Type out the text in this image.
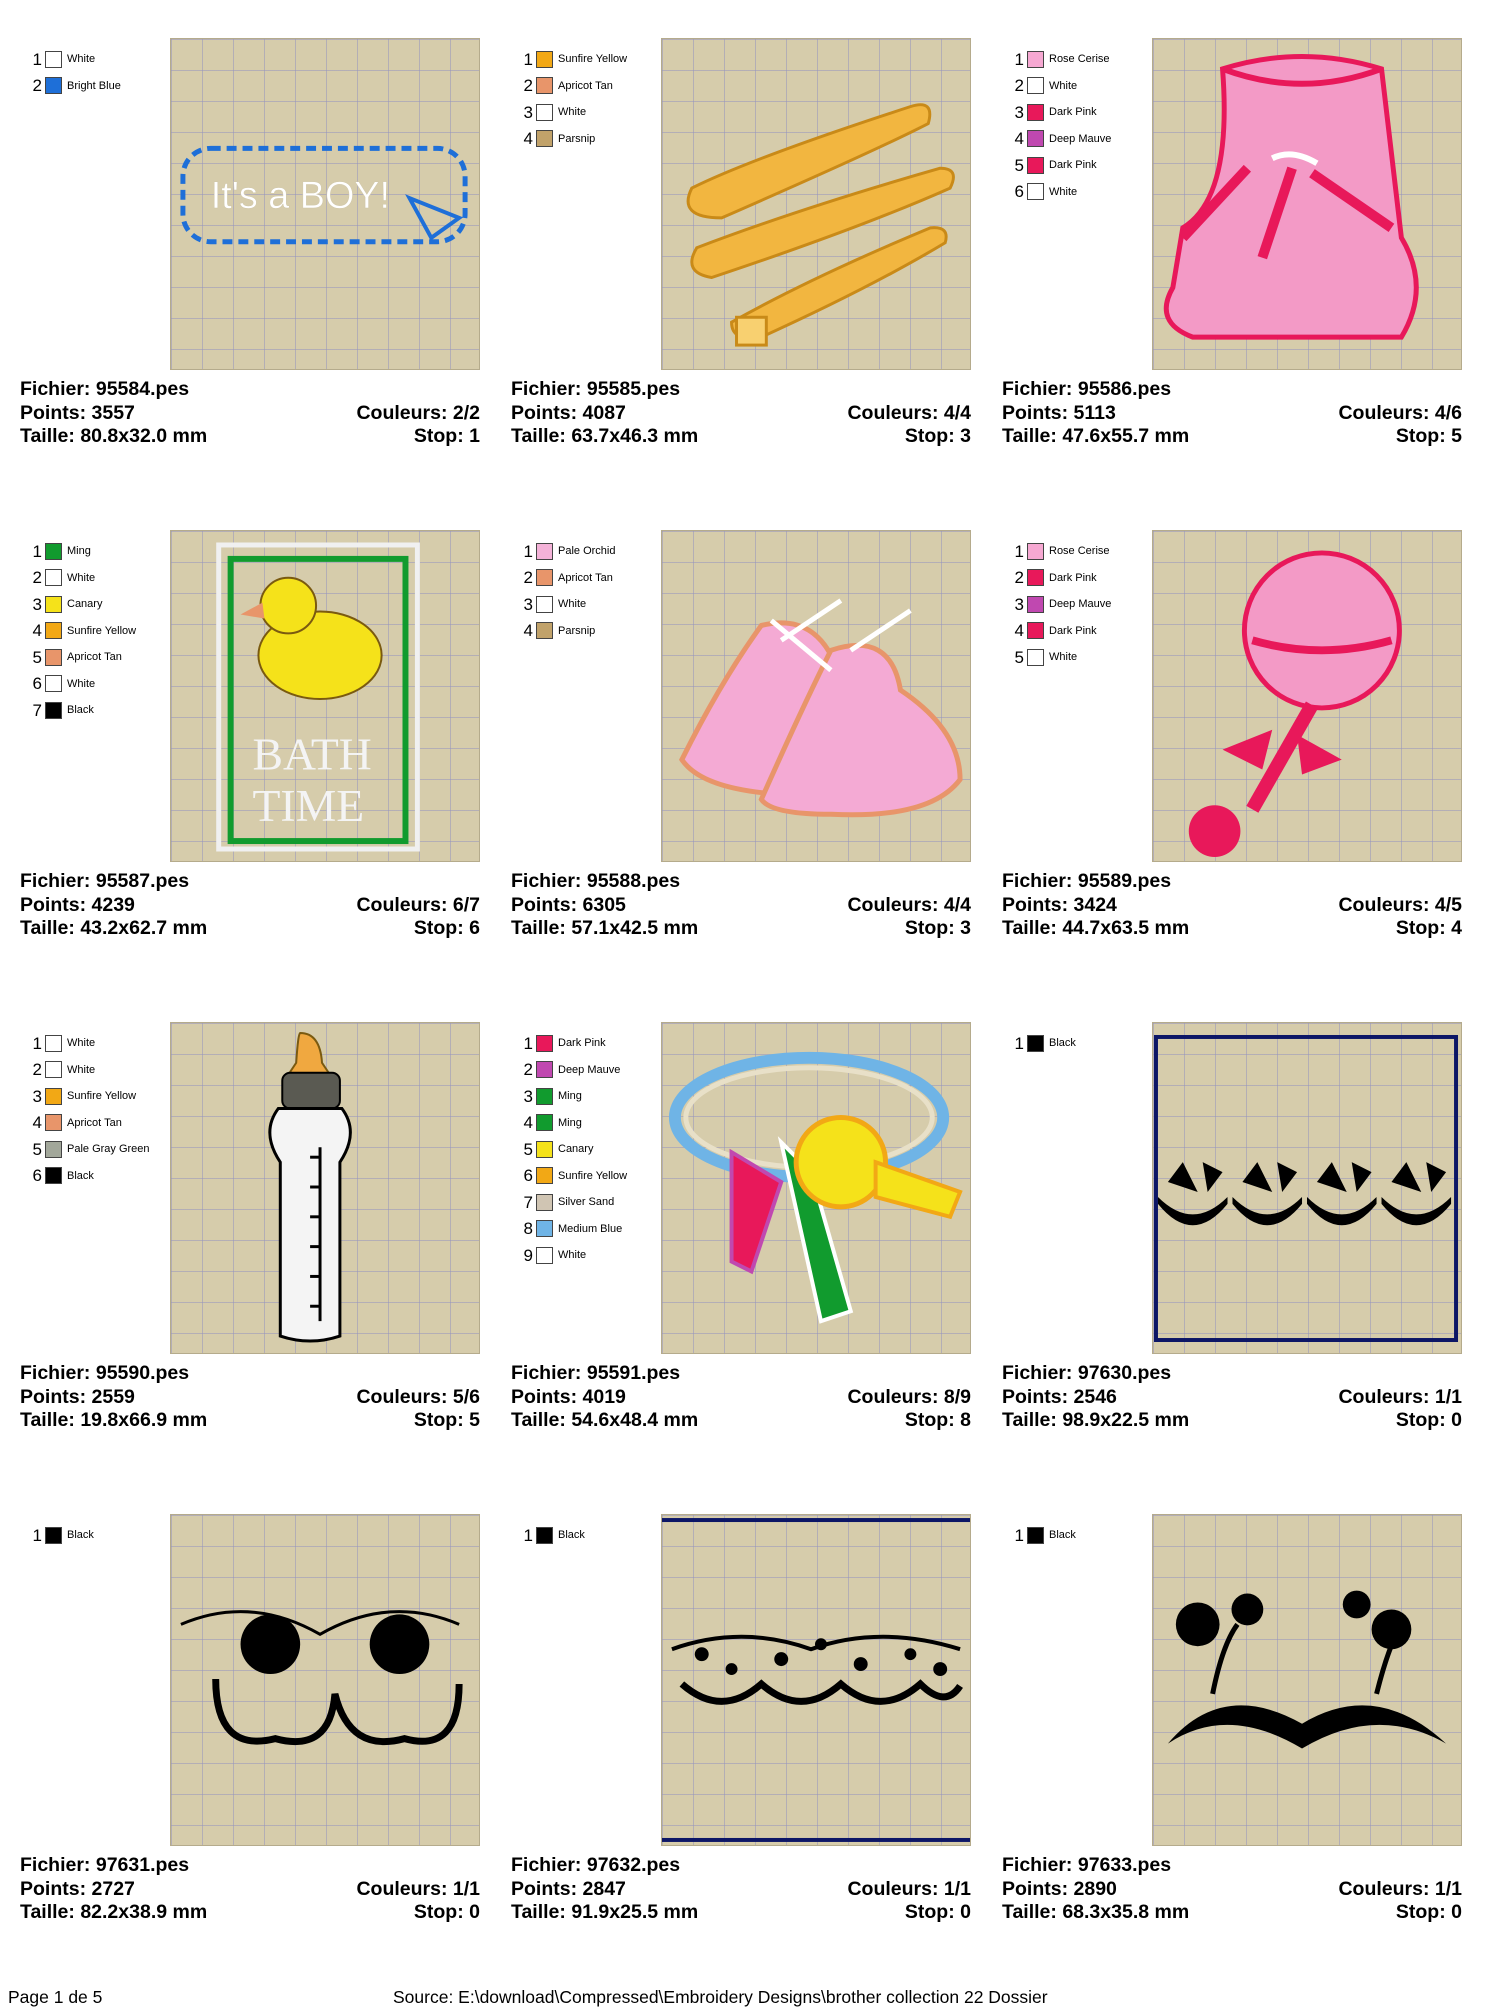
1 White
2 Bright Blue
It's a BOY!
Fichier: 95584.pes
Points: 3557	Couleurs: 2/2
Taille: 80.8x32.0 mm	Stop: 1
1 Sunfire Yellow
2 Apricot Tan
3 White
4 Parsnip
Fichier: 95585.pes
Points: 4087	Couleurs: 4/4
Taille: 63.7x46.3 mm	Stop: 3
1 Rose Cerise
2 White
3 Dark Pink
4 Deep Mauve
5 Dark Pink
6 White
Fichier: 95586.pes
Points: 5113	Couleurs: 4/6
Taille: 47.6x55.7 mm	Stop: 5
1 Ming
2 White
3 Canary
4 Sunfire Yellow
5 Apricot Tan
6 White
7 Black
BATH
TIME
Fichier: 95587.pes
Points: 4239	Couleurs: 6/7
Taille: 43.2x62.7 mm	Stop: 6
1 Pale Orchid
2 Apricot Tan
3 White
4 Parsnip
Fichier: 95588.pes
Points: 6305	Couleurs: 4/4
Taille: 57.1x42.5 mm	Stop: 3
1 Rose Cerise
2 Dark Pink
3 Deep Mauve
4 Dark Pink
5 White
Fichier: 95589.pes
Points: 3424	Couleurs: 4/5
Taille: 44.7x63.5 mm	Stop: 4
1 White
2 White
3 Sunfire Yellow
4 Apricot Tan
5 Pale Gray Green
6 Black
Fichier: 95590.pes
Points: 2559	Couleurs: 5/6
Taille: 19.8x66.9 mm	Stop: 5
1 Dark Pink
2 Deep Mauve
3 Ming
4 Ming
5 Canary
6 Sunfire Yellow
7 Silver Sand
8 Medium Blue
9 White
Fichier: 95591.pes
Points: 4019	Couleurs: 8/9
Taille: 54.6x48.4 mm	Stop: 8
1 Black
Fichier: 97630.pes
Points: 2546	Couleurs: 1/1
Taille: 98.9x22.5 mm	Stop: 0
1 Black
Fichier: 97631.pes
Points: 2727	Couleurs: 1/1
Taille: 82.2x38.9 mm	Stop: 0
1 Black
Fichier: 97632.pes
Points: 2847	Couleurs: 1/1
Taille: 91.9x25.5 mm	Stop: 0
1 Black
Fichier: 97633.pes
Points: 2890	Couleurs: 1/1
Taille: 68.3x35.8 mm	Stop: 0
Page 1 de 5	Source: E:\download\Compressed\Embroidery Designs\brother collection 22 Dossier
